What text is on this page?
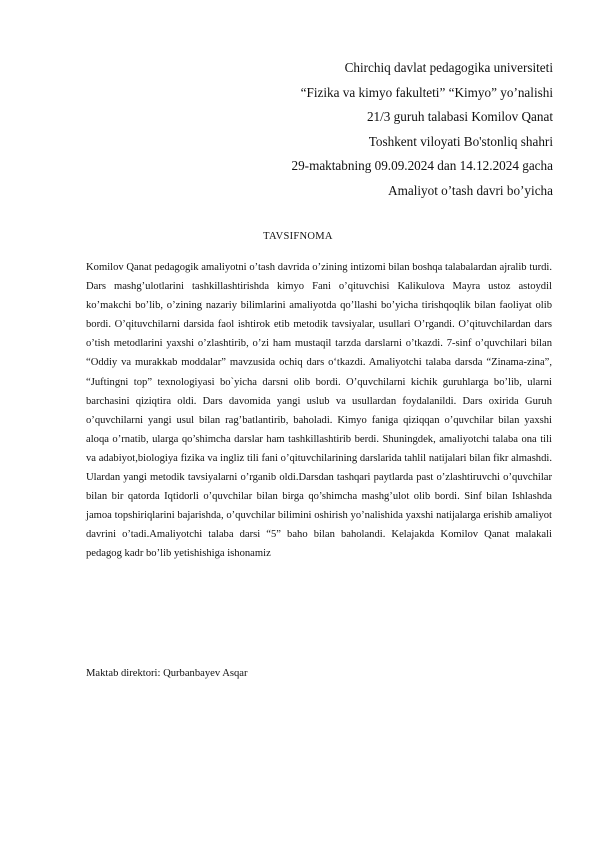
Chirchiq davlat pedagogika universiteti
“Fizika va kimyo fakulteti” “Kimyo” yo’nalishi
21/3 guruh talabasi Komilov Qanat
Toshkent viloyati Bo'stonliq shahri
29-maktabning 09.09.2024 dan 14.12.2024 gacha
Amaliyot o’tash davri bo’yicha
TAVSIFNOMA
Komilov Qanat pedagogik amaliyotni o’tash davrida o’zining intizomi bilan boshqa talabalardan ajralib turdi. Dars mashg’ulotlarini tashkillashtirishda kimyo Fani o’qituvchisi Kalikulova Mayra ustoz astoydil ko’makchi bo’lib, o’zining nazariy bilimlarini amaliyotda qo’llashi bo’yicha tirishqoqlik bilan faoliyat olib bordi. O’qituvchilarni darsida faol ishtirok etib metodik tavsiyalar, usullari O’rgandi. O’qituvchilardan dars o’tish metodlarini yaxshi o’zlashtirib, o’zi ham mustaqil tarzda darslarni o’tkazdi. 7-sinf o’quvchilari bilan “Oddiy va murakkab moddalar” mavzusida ochiq dars o‘tkazdi. Amaliyotchi talaba darsda “Zinama-zina”, “Juftingni top” texnologiyasi bo`yicha darsni olib bordi. O’quvchilarni kichik guruhlarga bo’lib, ularni barchasini qiziqtira oldi. Dars davomida yangi uslub va usullardan foydalanildi. Dars oxirida Guruh o’quvchilarni yangi usul bilan rag’batlantirib, baholadi. Kimyo faniga qiziqqan o’quvchilar bilan yaxshi aloqa o’rnatib, ularga qo’shimcha darslar ham tashkillashtirib berdi. Shuningdek, amaliyotchi talaba ona tili va adabiyot,biologiya fizika va ingliz tili fani o’qituvchilarining darslarida tahlil natijalari bilan fikr almashdi. Ulardan yangi metodik tavsiyalarni o’rganib oldi.Darsdan tashqari paytlarda past o’zlashtiruvchi o’quvchilar bilan bir qatorda Iqtidorli o’quvchilar bilan birga qo’shimcha mashg’ulot olib bordi. Sinf bilan Ishlashda jamoa topshiriqlarini bajarishda, o’quvchilar bilimini oshirish yo’nalishida yaxshi natijalarga erishib amaliyot davrini o’tadi.Amaliyotchi talaba darsi “5” baho bilan baholandi. Kelajakda Komilov Qanat malakali pedagog kadr bo’lib yetishishiga ishonamiz
Maktab direktori: Qurbanbayev Asqar
